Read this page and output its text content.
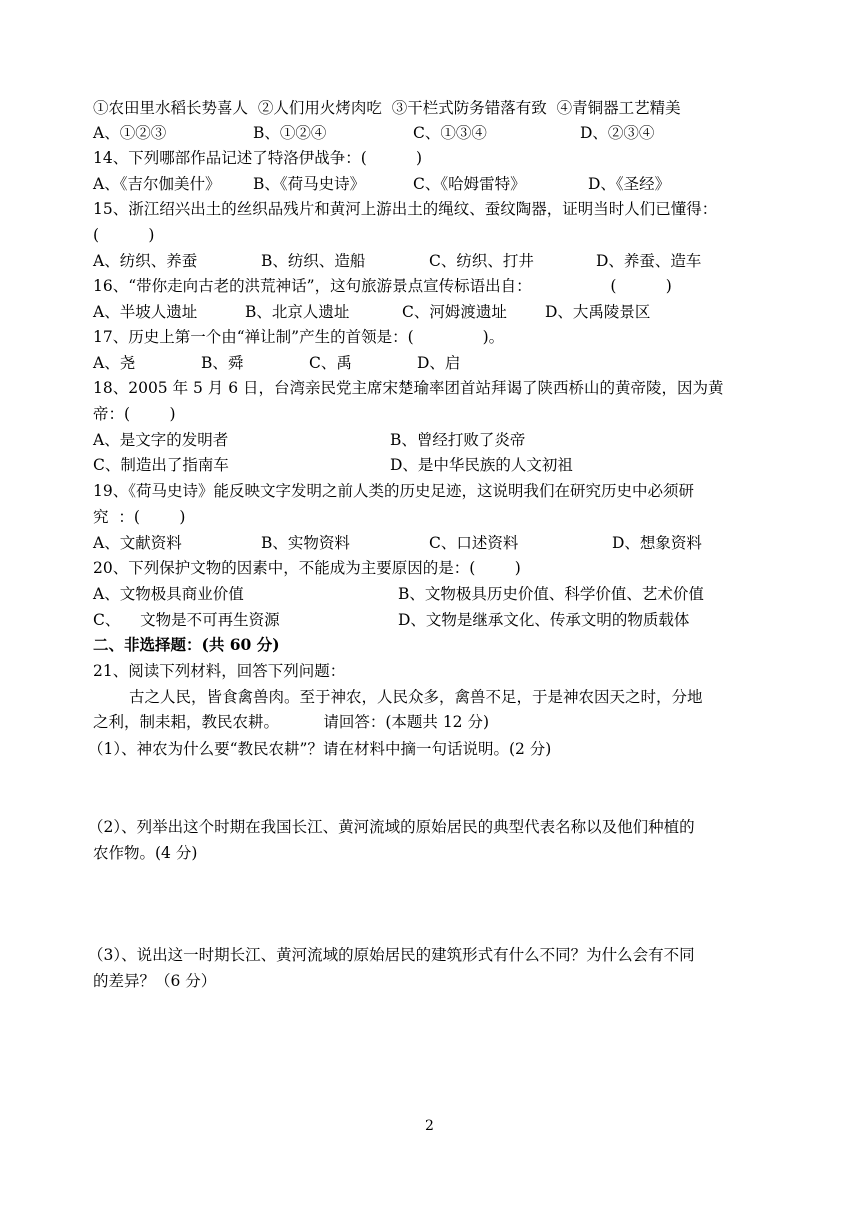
①农田里水稻长势喜人  ②人们用火烤肉吃  ③干栏式防务错落有致  ④青铜器工艺精美
A、①②③	B、①②④	C、①③④	D、②③④
14、下列哪部作品记述了特洛伊战争：(          )
A、《吉尔伽美什》 B、《荷马史诗》	C、《哈姆雷特》	D、《圣经》
15、浙江绍兴出土的丝织品残片和黄河上游出土的绳纹、蚕纹陶器，证明当时人们已懂得：
(          )
A、纺织、养蚕	B、纺织、造船	C、纺织、打井	D、养蚕、造车
16、“带你走向古老的洪荒神话”，这句旅游景点宣传标语出自：                (          )
A、半坡人遗址	B、北京人遗址	C、河姆渡遗址 D、大禹陵景区
17、历史上第一个由“禅让制”产生的首领是：(              )。
A、尧	B、舜	C、禹	D、启
18、2005 年 5 月 6 日，台湾亲民党主席宋楚瑜率团首站拜谒了陕西桥山的黄帝陵，因为黄
帝：(        )
A、是文字的发明者	B、曾经打败了炎帝
C、制造出了指南车	D、是中华民族的人文初祖
19、《荷马史诗》能反映文字发明之前人类的历史足迹，这说明我们在研究历史中必须研
究  ：(        )
A、文献资料	B、实物资料	C、口述资料	D、想象资料
20、下列保护文物的因素中，不能成为主要原因的是：(        )
A、文物极具商业价值	B、文物极具历史价值、科学价值、艺术价值
C、    文物是不可再生资源	D、文物是继承文化、传承文明的物质载体
二、非选择题：(共 60 分)
21、阅读下列材料，回答下列问题：
古之人民，皆食禽兽肉。至于神农，人民众多，禽兽不足，于是神农因天之时，分地
之利，制耒耜，教民农耕。         请回答：(本题共 12 分)
（1）、神农为什么要“教民农耕”？请在材料中摘一句话说明。(2 分)
（2）、列举出这个时期在我国长江、黄河流域的原始居民的典型代表名称以及他们种植的
农作物。(4 分)
（3）、说出这一时期长江、黄河流域的原始居民的建筑形式有什么不同？为什么会有不同
的差异？（6 分）
2
